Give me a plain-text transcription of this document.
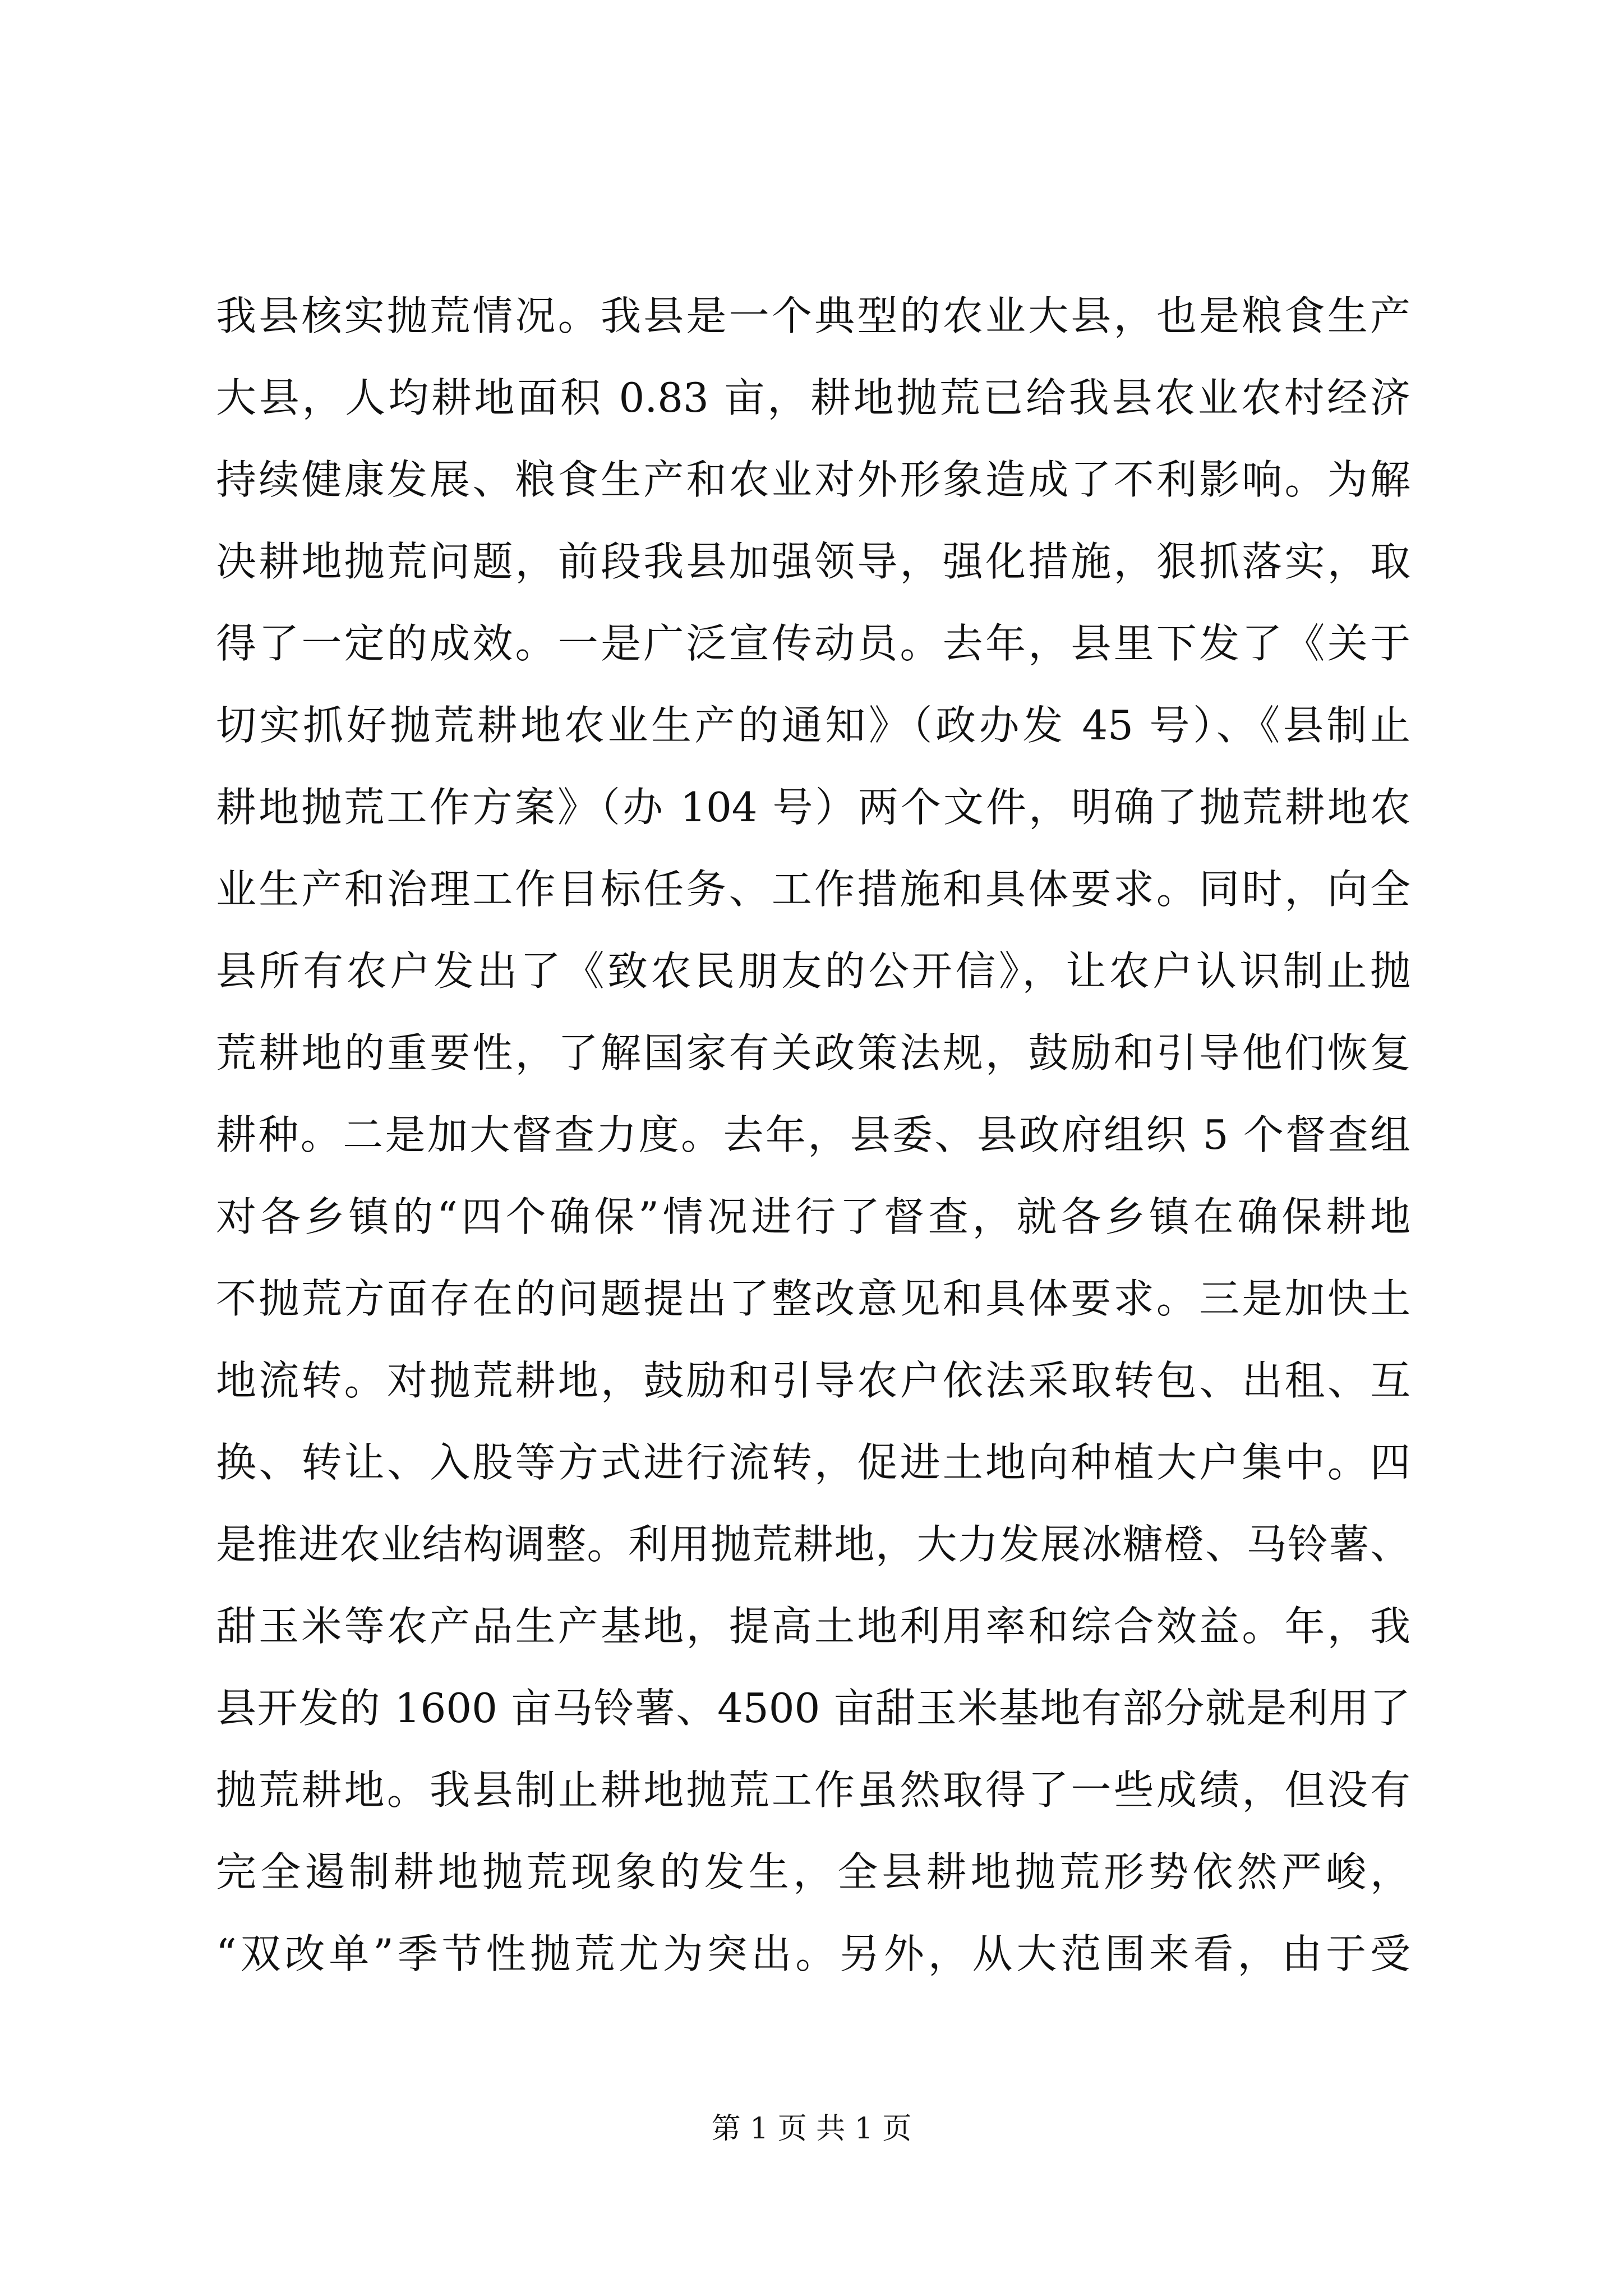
我县核实抛荒情况。我县是一个典型的农业大县，也是粮食生产
大县，人均耕地面积 0.83 亩，耕地抛荒已给我县农业农村经济
持续健康发展、粮食生产和农业对外形象造成了不利影响。为解
决耕地抛荒问题，前段我县加强领导，强化措施，狠抓落实，取
得了一定的成效。一是广泛宣传动员。去年，县里下发了《关于
切实抓好抛荒耕地农业生产的通知》（政办发 45 号）、《县制止
耕地抛荒工作方案》（办 104 号）两个文件，明确了抛荒耕地农
业生产和治理工作目标任务、工作措施和具体要求。同时，向全
县所有农户发出了《致农民朋友的公开信》，让农户认识制止抛
荒耕地的重要性，了解国家有关政策法规，鼓励和引导他们恢复
耕种。二是加大督查力度。去年，县委、县政府组织 5 个督查组
对各乡镇的“四个确保”情况进行了督查，就各乡镇在确保耕地
不抛荒方面存在的问题提出了整改意见和具体要求。三是加快土
地流转。对抛荒耕地，鼓励和引导农户依法采取转包、出租、互
换、转让、入股等方式进行流转，促进土地向种植大户集中。四
是推进农业结构调整。利用抛荒耕地，大力发展冰糖橙、马铃薯、
甜玉米等农产品生产基地，提高土地利用率和综合效益。年，我
县开发的 1600 亩马铃薯、4500 亩甜玉米基地有部分就是利用了
抛荒耕地。我县制止耕地抛荒工作虽然取得了一些成绩，但没有
完全遏制耕地抛荒现象的发生，全县耕地抛荒形势依然严峻，
“双改单”季节性抛荒尤为突出。另外，从大范围来看，由于受
第 1 页 共 1 页
